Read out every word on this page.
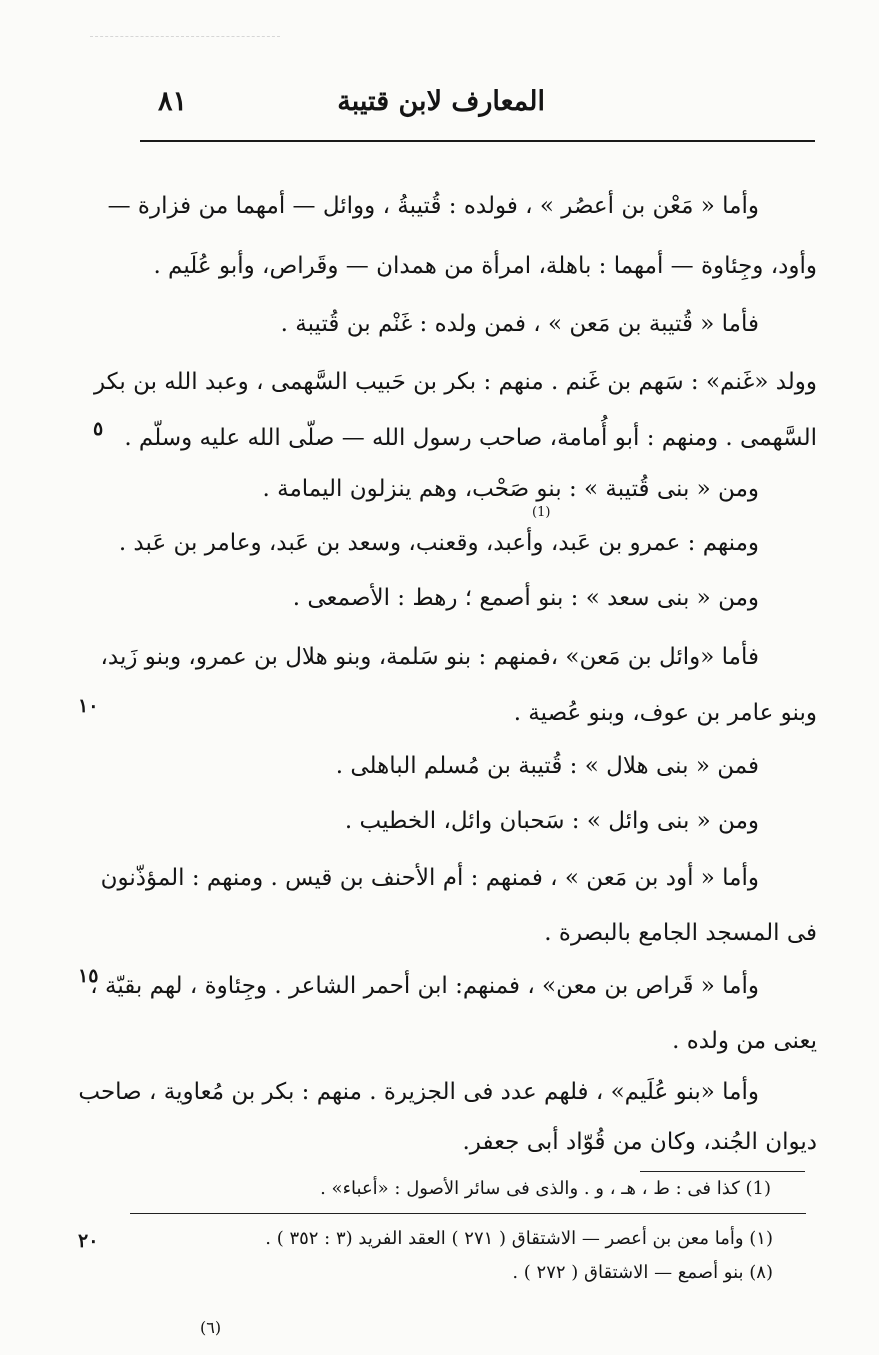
٨١	المعارف لابن قتيبة
وأما « مَعْن بن أعصُر » ، فولده : قُتيبةُ ، ووائل — أمهما من فزارة —
وأود، وجِئاوة — أمهما : باهلة، امرأة من همدان — وقَراص، وأبو عُلَيم .
فأما « قُتيبة بن مَعن » ، فمن ولده : غَنْم بن قُتيبة .
وولد «غَنم» : سَهم بن غَنم . منهم : بكر بن حَبيب السَّهمى ، وعبد الله بن بكر
السَّهمى . ومنهم : أبو أُمامة، صاحب رسول الله — صلّى الله عليه وسلّم .
ومن « بنى قُتيبة » : بنو صَحْب، وهم ينزلون اليمامة .
(1)
ومنهم : عمرو بن عَبد، وأعبد، وقعنب، وسعد بن عَبد، وعامر بن عَبد .
ومن « بنى سعد » : بنو أصمع ؛ رهط : الأصمعى .
فأما «وائل بن مَعن» ،فمنهم : بنو سَلمة، وبنو هلال بن عمرو، وبنو زَيد،
وبنو عامر بن عوف، وبنو عُصية .
فمن « بنى هلال » : قُتيبة بن مُسلم الباهلى .
ومن « بنى وائل » : سَحبان وائل، الخطيب .
وأما « أود بن مَعن » ، فمنهم : أم الأحنف بن قيس . ومنهم : المؤذّنون
فى المسجد الجامع بالبصرة .
وأما « قَراص بن معن» ، فمنهم: ابن أحمر الشاعر . وجِئاوة ، لهم بقيّة ،
يعنى من ولده .
وأما «بنو عُلَيم» ، فلهم عدد فى الجزيرة . منهم : بكر بن مُعاوية ، صاحب
ديوان الجُند، وكان من قُوّاد أبى جعفر.
٥
١٠
١٥
٢٠
(1) كذا فى : ط ، هـ ، و . والذى فى سائر الأصول : «أعباء» .
(١) وأما معن بن أعصر — الاشتقاق ( ٢٧١ ) العقد الفريد (٣ : ٣٥٢ ) .
(٨) بنو أصمع — الاشتقاق ( ٢٧٢ ) .
(٦)
